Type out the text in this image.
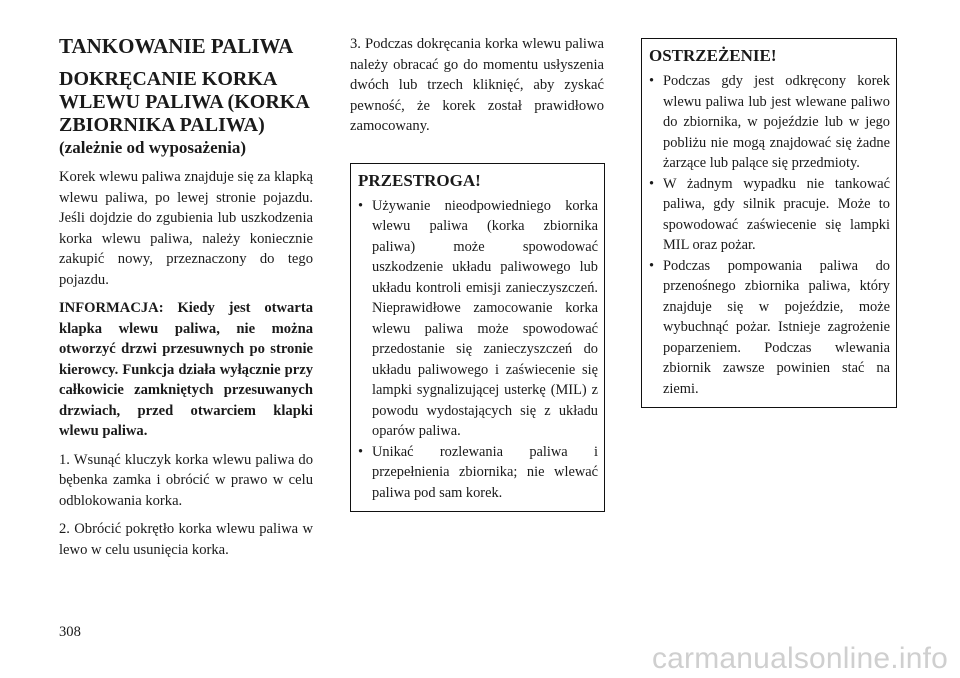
TANKOWANIE PALIWA
DOKRĘCANIE KORKA WLEWU PALIWA (KORKA ZBIORNIKA PALIWA)
(zależnie od wyposażenia)

Korek wlewu paliwa znajduje się za klapką wlewu paliwa, po lewej stronie pojazdu. Jeśli dojdzie do zgubienia lub uszkodzenia korka wlewu paliwa, należy koniecznie zakupić nowy, przeznaczony do tego pojazdu.

INFORMACJA: Kiedy jest otwarta klapka wlewu paliwa, nie można otworzyć drzwi przesuwnych po stronie kierowcy. Funkcja działa wyłącznie przy całkowicie zamkniętych przesuwanych drzwiach, przed otwarciem klapki wlewu paliwa.

1. Wsunąć kluczyk korka wlewu paliwa do bębenka zamka i obrócić w prawo w celu odblokowania korka.

2. Obrócić pokrętło korka wlewu paliwa w lewo w celu usunięcia korka.

3. Podczas dokręcania korka wlewu paliwa należy obracać go do momentu usłyszenia dwóch lub trzech kliknięć, aby zyskać pewność, że korek został prawidłowo zamocowany.

PRZESTROGA!
• Używanie nieodpowiedniego korka wlewu paliwa (korka zbiornika paliwa) może spowodować uszkodzenie układu paliwowego lub układu kontroli emisji zanieczyszczeń. Nieprawidłowe zamocowanie korka wlewu paliwa może spowodować przedostanie się zanieczyszczeń do układu paliwowego i zaświecenie się lampki sygnalizującej usterkę (MIL) z powodu wydostających się z układu oparów paliwa.
• Unikać rozlewania paliwa i przepełnienia zbiornika; nie wlewać paliwa pod sam korek.
OSTRZEŻENIE!
• Podczas gdy jest odkręcony korek wlewu paliwa lub jest wlewane paliwo do zbiornika, w pojeździe lub w jego pobliżu nie mogą znajdować się żadne żarzące lub palące się przedmioty.
• W żadnym wypadku nie tankować paliwa, gdy silnik pracuje. Może to spowodować zaświecenie się lampki MIL oraz pożar.
• Podczas pompowania paliwa do przenośnego zbiornika paliwa, który znajduje się w pojeździe, może wybuchnąć pożar. Istnieje zagrożenie poparzeniem. Podczas wlewania zbiornik zawsze powinien stać na ziemi.
308
carmanualsonline.info
